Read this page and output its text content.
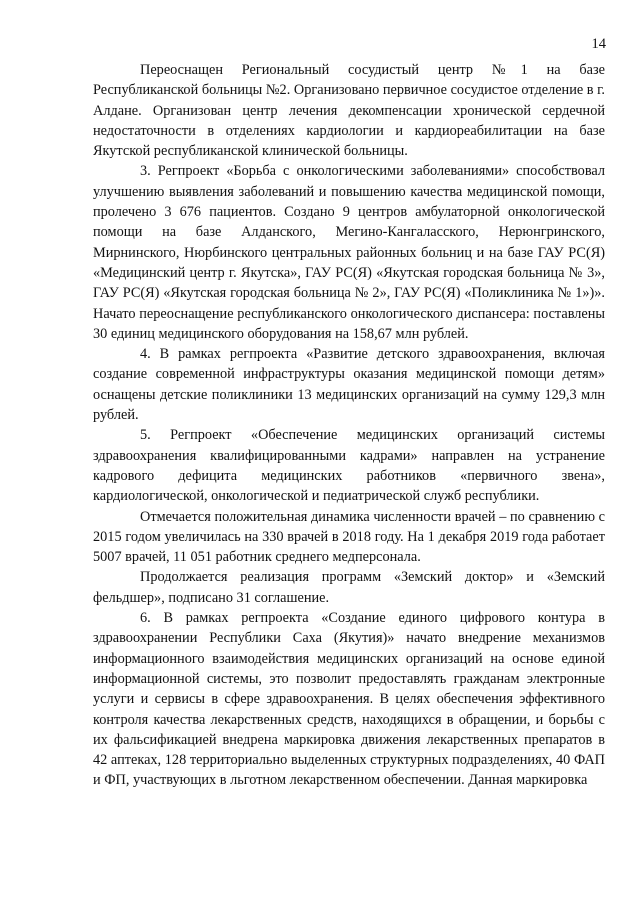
14

Переоснащен Региональный сосудистый центр №1 на базе Республиканской больницы №2. Организовано первичное сосудистое отделение в г. Алдане. Организован центр лечения декомпенсации хронической сердечной недостаточности в отделениях кардиологии и кардиореабилитации на базе Якутской республиканской клинической больницы.

3. Регпроект «Борьба с онкологическими заболеваниями» способствовал улучшению выявления заболеваний и повышению качества медицинской помощи, пролечено 3 676 пациентов. Создано 9 центров амбулаторной онкологической помощи на базе Алданского, Мегино-Кангаласского, Нерюнгринского, Мирнинского, Нюрбинского центральных районных больниц и на базе ГАУ РС(Я) «Медицинский центр г. Якутска», ГАУ РС(Я) «Якутская городская больница № 3», ГАУ РС(Я) «Якутская городская больница № 2», ГАУ РС(Я) «Поликлиника № 1»)». Начато переоснащение республиканского онкологического диспансера: поставлены 30 единиц медицинского оборудования на 158,67 млн рублей.

4. В рамках регпроекта «Развитие детского здравоохранения, включая создание современной инфраструктуры оказания медицинской помощи детям» оснащены детские поликлиники 13 медицинских организаций на сумму 129,3 млн рублей.

5. Регпроект «Обеспечение медицинских организаций системы здравоохранения квалифицированными кадрами» направлен на устранение кадрового дефицита медицинских работников «первичного звена», кардиологической, онкологической и педиатрической служб республики.

Отмечается положительная динамика численности врачей – по сравнению с 2015 годом увеличилась на 330 врачей в 2018 году. На 1 декабря 2019 года работает 5007 врачей, 11 051 работник среднего медперсонала.

Продолжается реализация программ «Земский доктор» и «Земский фельдшер», подписано 31 соглашение.

6. В рамках регпроекта «Создание единого цифрового контура в здравоохранении Республики Саха (Якутия)» начато внедрение механизмов информационного взаимодействия медицинских организаций на основе единой информационной системы, это позволит предоставлять гражданам электронные услуги и сервисы в сфере здравоохранения. В целях обеспечения эффективного контроля качества лекарственных средств, находящихся в обращении, и борьбы с их фальсификацией внедрена маркировка движения лекарственных препаратов в 42 аптеках, 128 территориально выделенных структурных подразделениях, 40 ФАП и ФП, участвующих в льготном лекарственном обеспечении. Данная маркировка
